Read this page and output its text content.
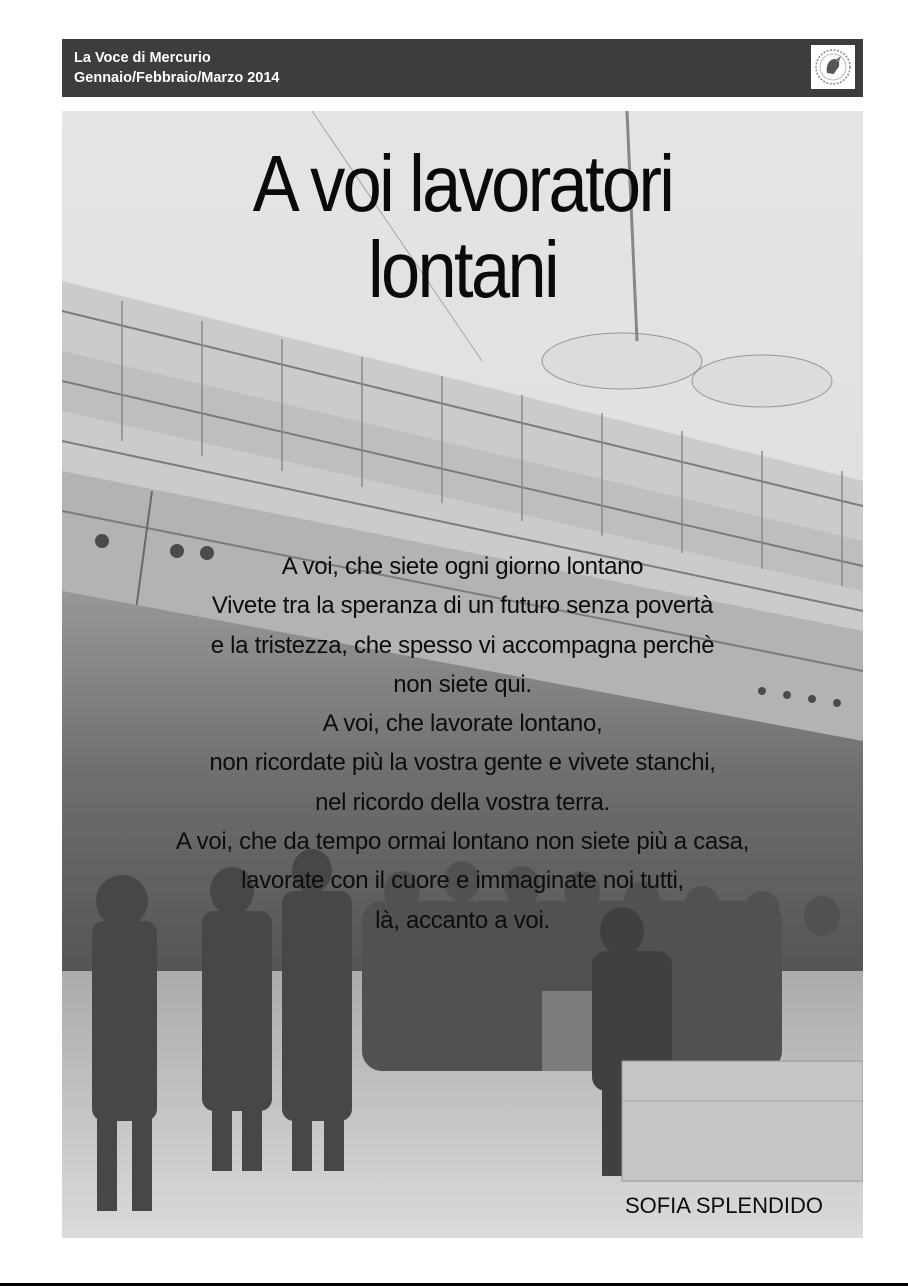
La Voce di Mercurio
Gennaio/Febbraio/Marzo 2014
A voi lavoratori
lontani
A voi, che siete ogni giorno lontano
Vivete tra la speranza di un futuro senza povertà
e la tristezza, che spesso vi accompagna perchè
non siete qui.
A voi, che lavorate lontano,
non ricordate più la vostra gente e vivete stanchi,
nel ricordo della vostra terra.
A voi, che da tempo ormai lontano non siete più a casa,
lavorate con il cuore e immaginate noi tutti,
là, accanto a voi.
SOFIA SPLENDIDO
